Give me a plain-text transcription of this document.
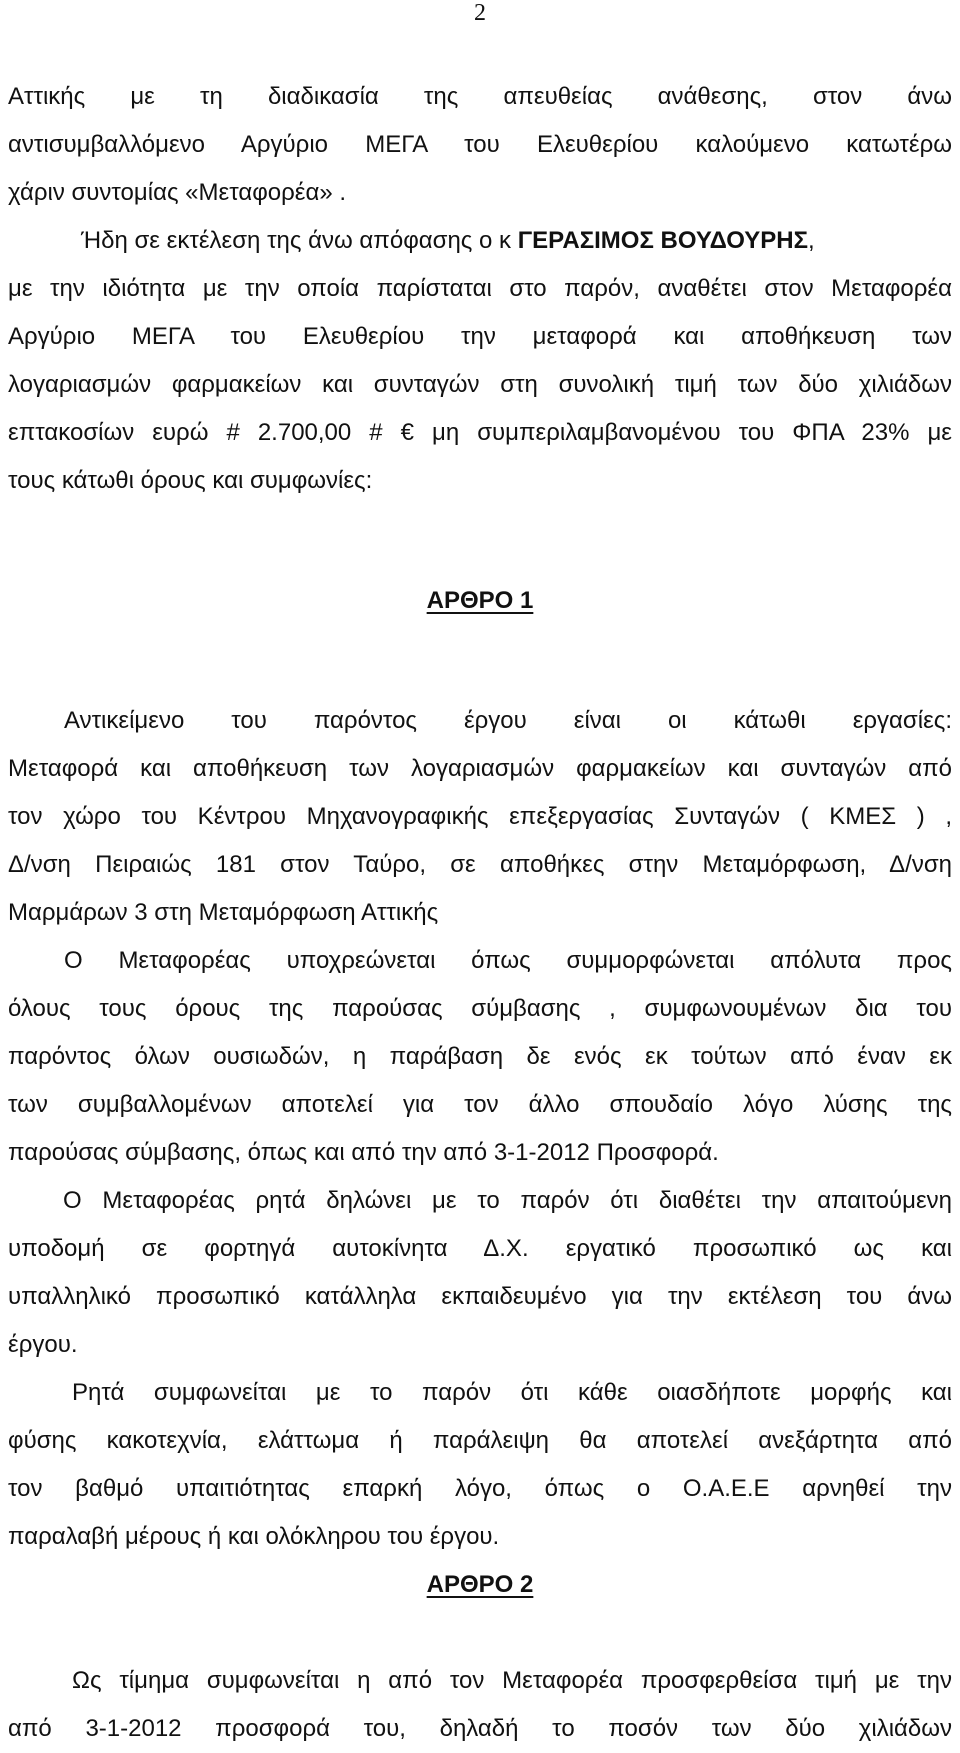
2
Αττικής με τη διαδικασία της απευθείας ανάθεσης, στον άνω
αντισυμβαλλόμενο Αργύριο ΜΕΓΑ του Ελευθερίου καλούμενο κατωτέρω
χάριν συντομίας «Μεταφορέα» .
Ήδη σε εκτέλεση της άνω απόφασης ο κ ΓΕΡΑΣΙΜΟΣ ΒΟΥΔΟΥΡΗΣ,
με την ιδιότητα με την οποία παρίσταται στο παρόν, αναθέτει στον Μεταφορέα
Αργύριο ΜΕΓΑ του Ελευθερίου την μεταφορά και αποθήκευση των
λογαριασμών φαρμακείων και συνταγών στη συνολική τιμή των δύο χιλιάδων
επτακοσίων ευρώ # 2.700,00 # € μη συμπεριλαμβανομένου του ΦΠΑ 23% με
τους κάτωθι όρους και συμφωνίες:
ΑΡΘΡΟ 1
Αντικείμενο του παρόντος έργου είναι οι κάτωθι εργασίες:
Μεταφορά και αποθήκευση των λογαριασμών φαρμακείων και συνταγών από
τον χώρο του Κέντρου Μηχανογραφικής επεξεργασίας Συνταγών ( ΚΜΕΣ ) ,
Δ/νση Πειραιώς 181 στον Ταύρο, σε αποθήκες στην Μεταμόρφωση, Δ/νση
Μαρμάρων 3 στη Μεταμόρφωση Αττικής
Ο Μεταφορέας υποχρεώνεται όπως συμμορφώνεται απόλυτα προς
όλους τους όρους της παρούσας σύμβασης , συμφωνουμένων δια του
παρόντος όλων ουσιωδών, η παράβαση δε ενός εκ τούτων από έναν εκ
των συμβαλλομένων αποτελεί για τον άλλο σπουδαίο λόγο λύσης της
παρούσας σύμβασης, όπως και από την από 3-1-2012 Προσφορά.
Ο Μεταφορέας ρητά δηλώνει με το παρόν ότι διαθέτει την απαιτούμενη
υποδομή σε φορτηγά αυτοκίνητα Δ.Χ. εργατικό προσωπικό ως και
υπαλληλικό προσωπικό κατάλληλα εκπαιδευμένο για την εκτέλεση του άνω
έργου.
Ρητά συμφωνείται με το παρόν ότι κάθε οιασδήποτε μορφής και
φύσης κακοτεχνία, ελάττωμα ή παράλειψη θα αποτελεί ανεξάρτητα από
τον βαθμό υπαιτιότητας επαρκή λόγο, όπως ο Ο.Α.Ε.Ε αρνηθεί την
παραλαβή μέρους ή και ολόκληρου του έργου.
ΑΡΘΡΟ 2
Ως τίμημα συμφωνείται η από τον Μεταφορέα προσφερθείσα τιμή με την
από 3-1-2012 προσφορά του, δηλαδή το ποσόν των δύο χιλιάδων
